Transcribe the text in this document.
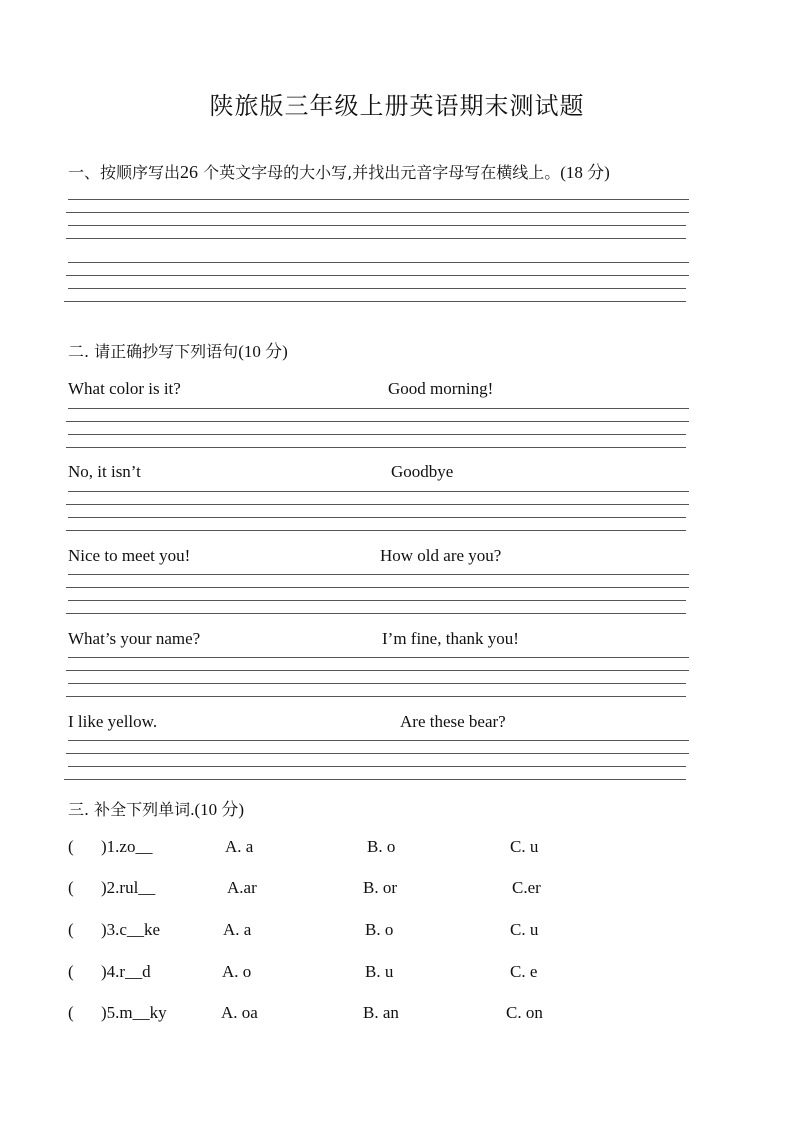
陕旅版三年级上册英语期末测试题
一、按顺序写出26 个英文字母的大小写,并找出元音字母写在横线上。(18 分)
二. 请正确抄写下列语句(10 分)
What color is it?	Good morning!
No, it isn’t	Goodbye
Nice to meet you!	How old are you?
What’s your name?	I’m fine, thank you!
I like yellow.	Are these bear?
三. 补全下列单词.(10 分)
( )1.zo__	A. a	B. o	C. u
( )2.rul__	A.ar	B. or	C.er
( )3.c__ke	A. a	B. o	C. u
( )4.r__d	A. o	B. u	C. e
( )5.m__ky	A. oa	B. an	C. on
